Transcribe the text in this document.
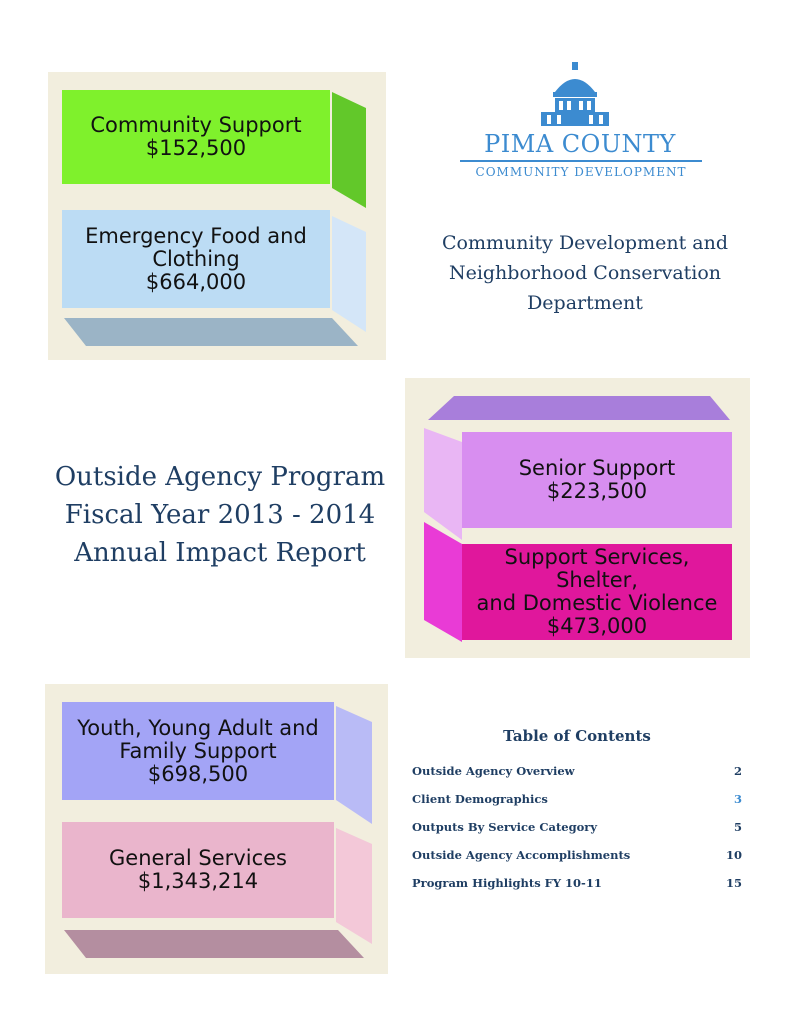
Community Support
$152,500
Emergency Food and
Clothing
$664,000
PIMA COUNTY
COMMUNITY DEVELOPMENT
Community Development and
Neighborhood Conservation
Department
Senior Support
$223,500
Support Services, Shelter,
and Domestic Violence
$473,000
Outside Agency Program
Fiscal Year 2013 - 2014
Annual Impact Report
Youth, Young Adult and
Family Support
$698,500
General Services
$1,343,214
Table of Contents
Outside Agency Overview	2
Client Demographics	3
Outputs By Service Category	5
Outside Agency Accomplishments	10
Program Highlights FY 10-11	15
